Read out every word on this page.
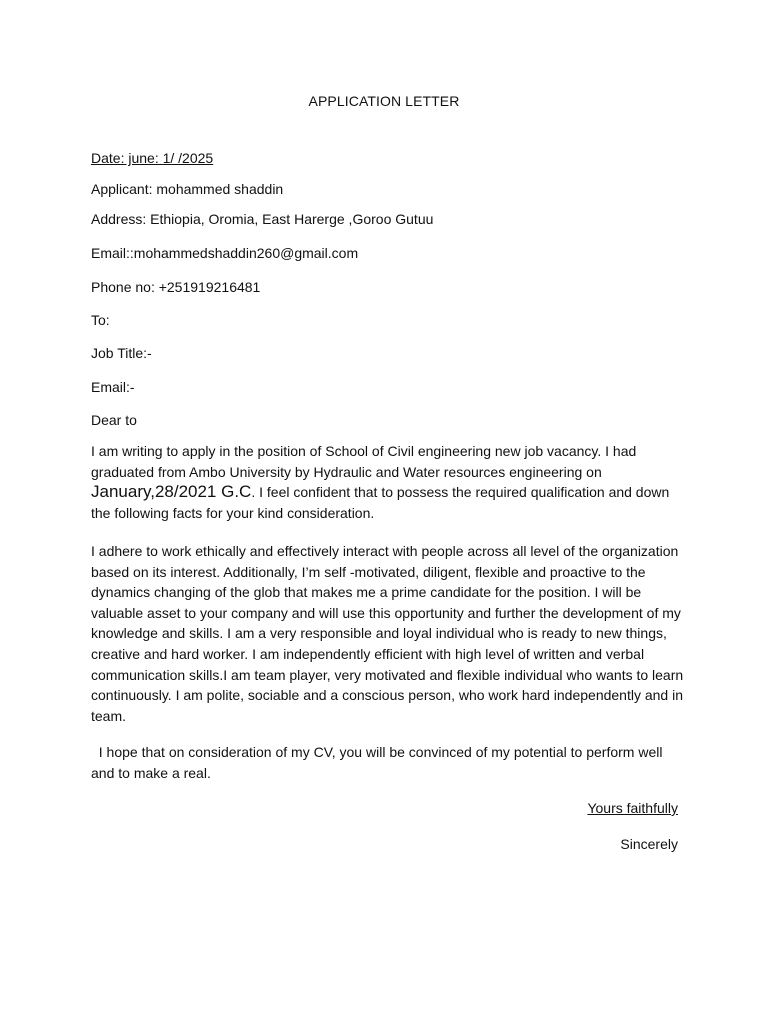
APPLICATION LETTER
Date: june: 1/ /2025
Applicant: mohammed shaddin
Address: Ethiopia, Oromia, East Harerge ,Goroo Gutuu
Email::mohammedshaddin260@gmail.com
Phone no: +251919216481
To:
Job Title:-
Email:-
Dear to
I am writing to apply in the position of School of Civil engineering new job vacancy. I had graduated from Ambo University by Hydraulic and Water resources engineering on January,28/2021 G.C. I feel confident that to possess the required qualification and down the following facts for your kind consideration.
I adhere to work ethically and effectively interact with people across all level of the organization based on its interest. Additionally, I’m self -motivated, diligent, flexible and proactive to the dynamics changing of the glob that makes me a prime candidate for the position. I will be valuable asset to your company and will use this opportunity and further the development of my knowledge and skills. I am a very responsible and loyal individual who is ready to new things, creative and hard worker. I am independently efficient with high level of written and verbal communication skills.I am team player, very motivated and flexible individual who wants to learn continuously. I am polite, sociable and a conscious person, who work hard independently and in team.
I hope that on consideration of my CV, you will be convinced of my potential to perform well and to make a real.
Yours faithfully
Sincerely
